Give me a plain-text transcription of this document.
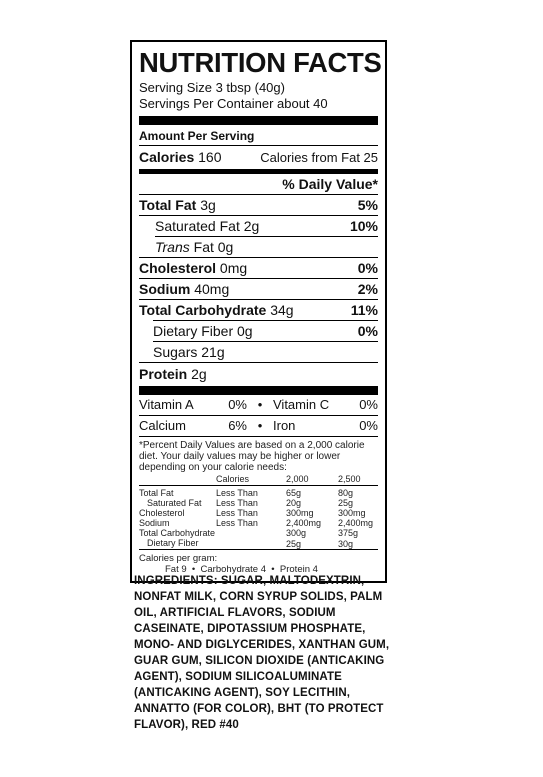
NUTRITION FACTS
Serving Size 3 tbsp (40g)
Servings Per Container about 40
Amount Per Serving
Calories 160	Calories from Fat 25
% Daily Value*
Total Fat 3g	5%
Saturated Fat 2g	10%
Trans Fat 0g
Cholesterol 0mg	0%
Sodium 40mg	2%
Total Carbohydrate 34g	11%
Dietary Fiber 0g	0%
Sugars 21g
Protein 2g
Vitamin A	0% • Vitamin C	0%
Calcium	6% • Iron	0%
*Percent Daily Values are based on a 2,000 calorie diet. Your daily values may be higher or lower depending on your calorie needs:
	Calories	2,000	2,500
Total Fat	Less Than	65g	80g
Saturated Fat	Less Than	20g	25g
Cholesterol	Less Than	300mg	300mg
Sodium	Less Than	2,400mg	2,400mg
Total Carbohydrate		300g	375g
Dietary Fiber		25g	30g
Calories per gram:
Fat 9  •  Carbohydrate 4  •  Protein 4
INGREDIENTS: SUGAR, MALTODEXTRIN, NONFAT MILK, CORN SYRUP SOLIDS, PALM OIL, ARTIFICIAL FLAVORS, SODIUM CASEINATE, DIPOTASSIUM PHOSPHATE, MONO- AND DIGLYCERIDES, XANTHAN GUM, GUAR GUM, SILICON DIOXIDE (ANTICAKING AGENT), SODIUM SILICOALUMINATE (ANTICAKING AGENT), SOY LECITHIN, ANNATTO (FOR COLOR), BHT (TO PROTECT FLAVOR), RED #40
